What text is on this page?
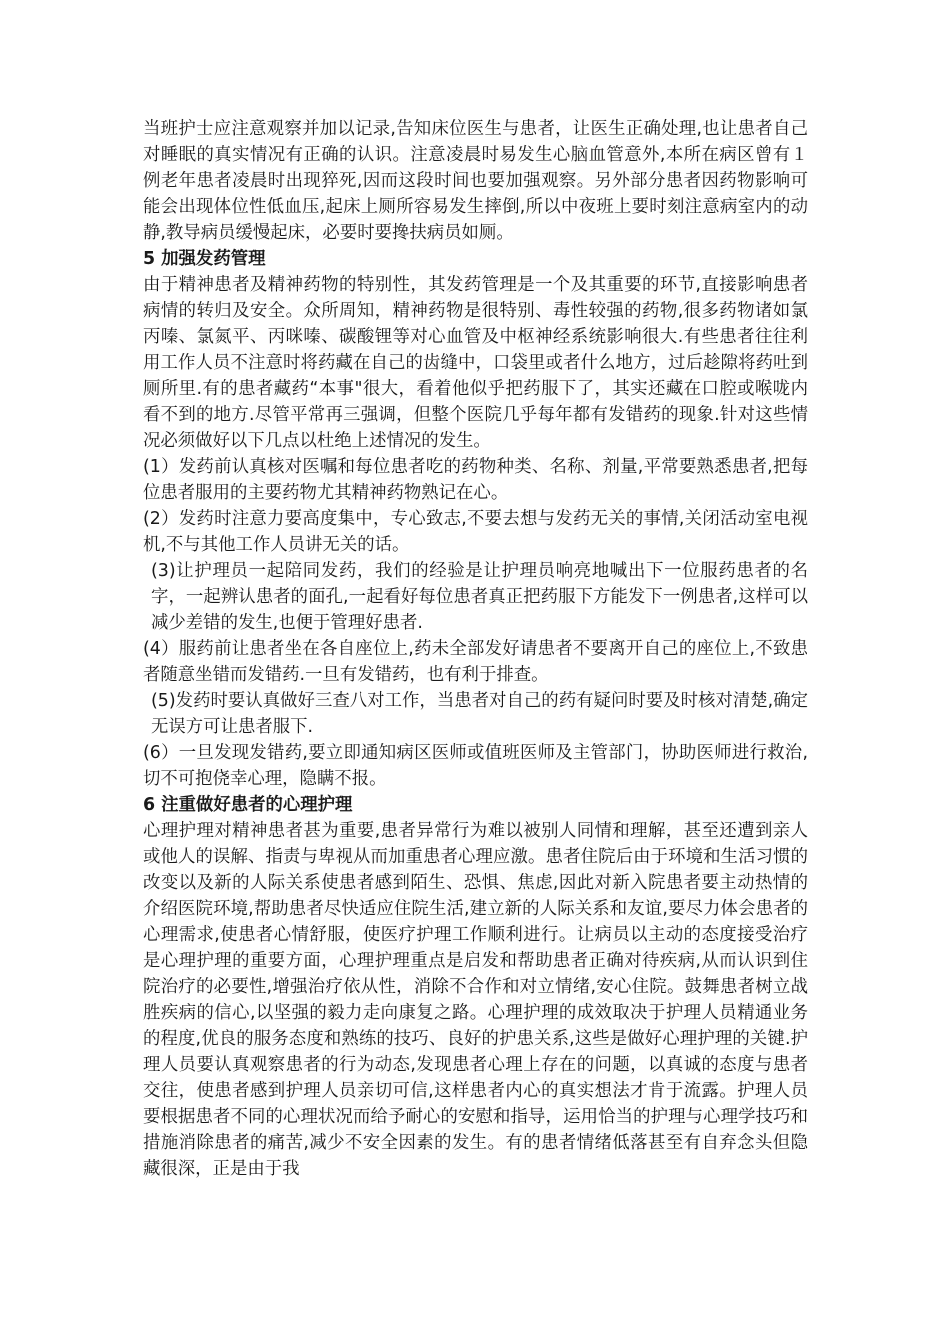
当班护士应注意观察并加以记录,告知床位医生与患者，让医生正确处理,也让患者自己对睡眠的真实情况有正确的认识。注意凌晨时易发生心脑血管意外,本所在病区曾有１例老年患者凌晨时出现猝死,因而这段时间也要加强观察。另外部分患者因药物影响可能会出现体位性低血压,起床上厕所容易发生摔倒,所以中夜班上要时刻注意病室内的动静,教导病员缓慢起床，必要时要搀扶病员如厕。

5 加强发药管理

由于精神患者及精神药物的特别性，其发药管理是一个及其重要的环节,直接影响患者病情的转归及安全。众所周知，精神药物是很特别、毒性较强的药物,很多药物诸如氯丙嗪、氯氮平、丙咪嗪、碳酸锂等对心血管及中枢神经系统影响很大.有些患者往往利用工作人员不注意时将药藏在自己的齿缝中，口袋里或者什么地方，过后趁隙将药吐到厕所里.有的患者藏药“本事"很大，看着他似乎把药服下了，其实还藏在口腔或喉咙内看不到的地方.尽管平常再三强调，但整个医院几乎每年都有发错药的现象.针对这些情况必须做好以下几点以杜绝上述情况的发生。

(1）发药前认真核对医嘱和每位患者吃的药物种类、名称、剂量,平常要熟悉患者,把每位患者服用的主要药物尤其精神药物熟记在心。

(2）发药时注意力要高度集中，专心致志,不要去想与发药无关的事情,关闭活动室电视机,不与其他工作人员讲无关的话。

(3)让护理员一起陪同发药，我们的经验是让护理员响亮地喊出下一位服药患者的名字，一起辨认患者的面孔,一起看好每位患者真正把药服下方能发下一例患者,这样可以减少差错的发生,也便于管理好患者.

(4）服药前让患者坐在各自座位上,药未全部发好请患者不要离开自己的座位上,不致患者随意坐错而发错药.一旦有发错药，也有利于排查。

(5)发药时要认真做好三查八对工作，当患者对自己的药有疑问时要及时核对清楚,确定无误方可让患者服下.

(6）一旦发现发错药,要立即通知病区医师或值班医师及主管部门，协助医师进行救治,切不可抱侥幸心理，隐瞒不报。

6 注重做好患者的心理护理

心理护理对精神患者甚为重要,患者异常行为难以被别人同情和理解，甚至还遭到亲人或他人的误解、指责与卑视从而加重患者心理应激。患者住院后由于环境和生活习惯的改变以及新的人际关系使患者感到陌生、恐惧、焦虑,因此对新入院患者要主动热情的介绍医院环境,帮助患者尽快适应住院生活,建立新的人际关系和友谊,要尽力体会患者的心理需求,使患者心情舒服，使医疗护理工作顺利进行。让病员以主动的态度接受治疗是心理护理的重要方面，心理护理重点是启发和帮助患者正确对待疾病,从而认识到住院治疗的必要性,增强治疗依从性，消除不合作和对立情绪,安心住院。鼓舞患者树立战胜疾病的信心,以坚强的毅力走向康复之路。心理护理的成效取决于护理人员精通业务的程度,优良的服务态度和熟练的技巧、良好的护患关系,这些是做好心理护理的关键.护理人员要认真观察患者的行为动态,发现患者心理上存在的问题，以真诚的态度与患者交往，使患者感到护理人员亲切可信,这样患者内心的真实想法才肯于流露。护理人员要根据患者不同的心理状况而给予耐心的安慰和指导，运用恰当的护理与心理学技巧和措施消除患者的痛苦,减少不安全因素的发生。有的患者情绪低落甚至有自弃念头但隐藏很深，正是由于我
